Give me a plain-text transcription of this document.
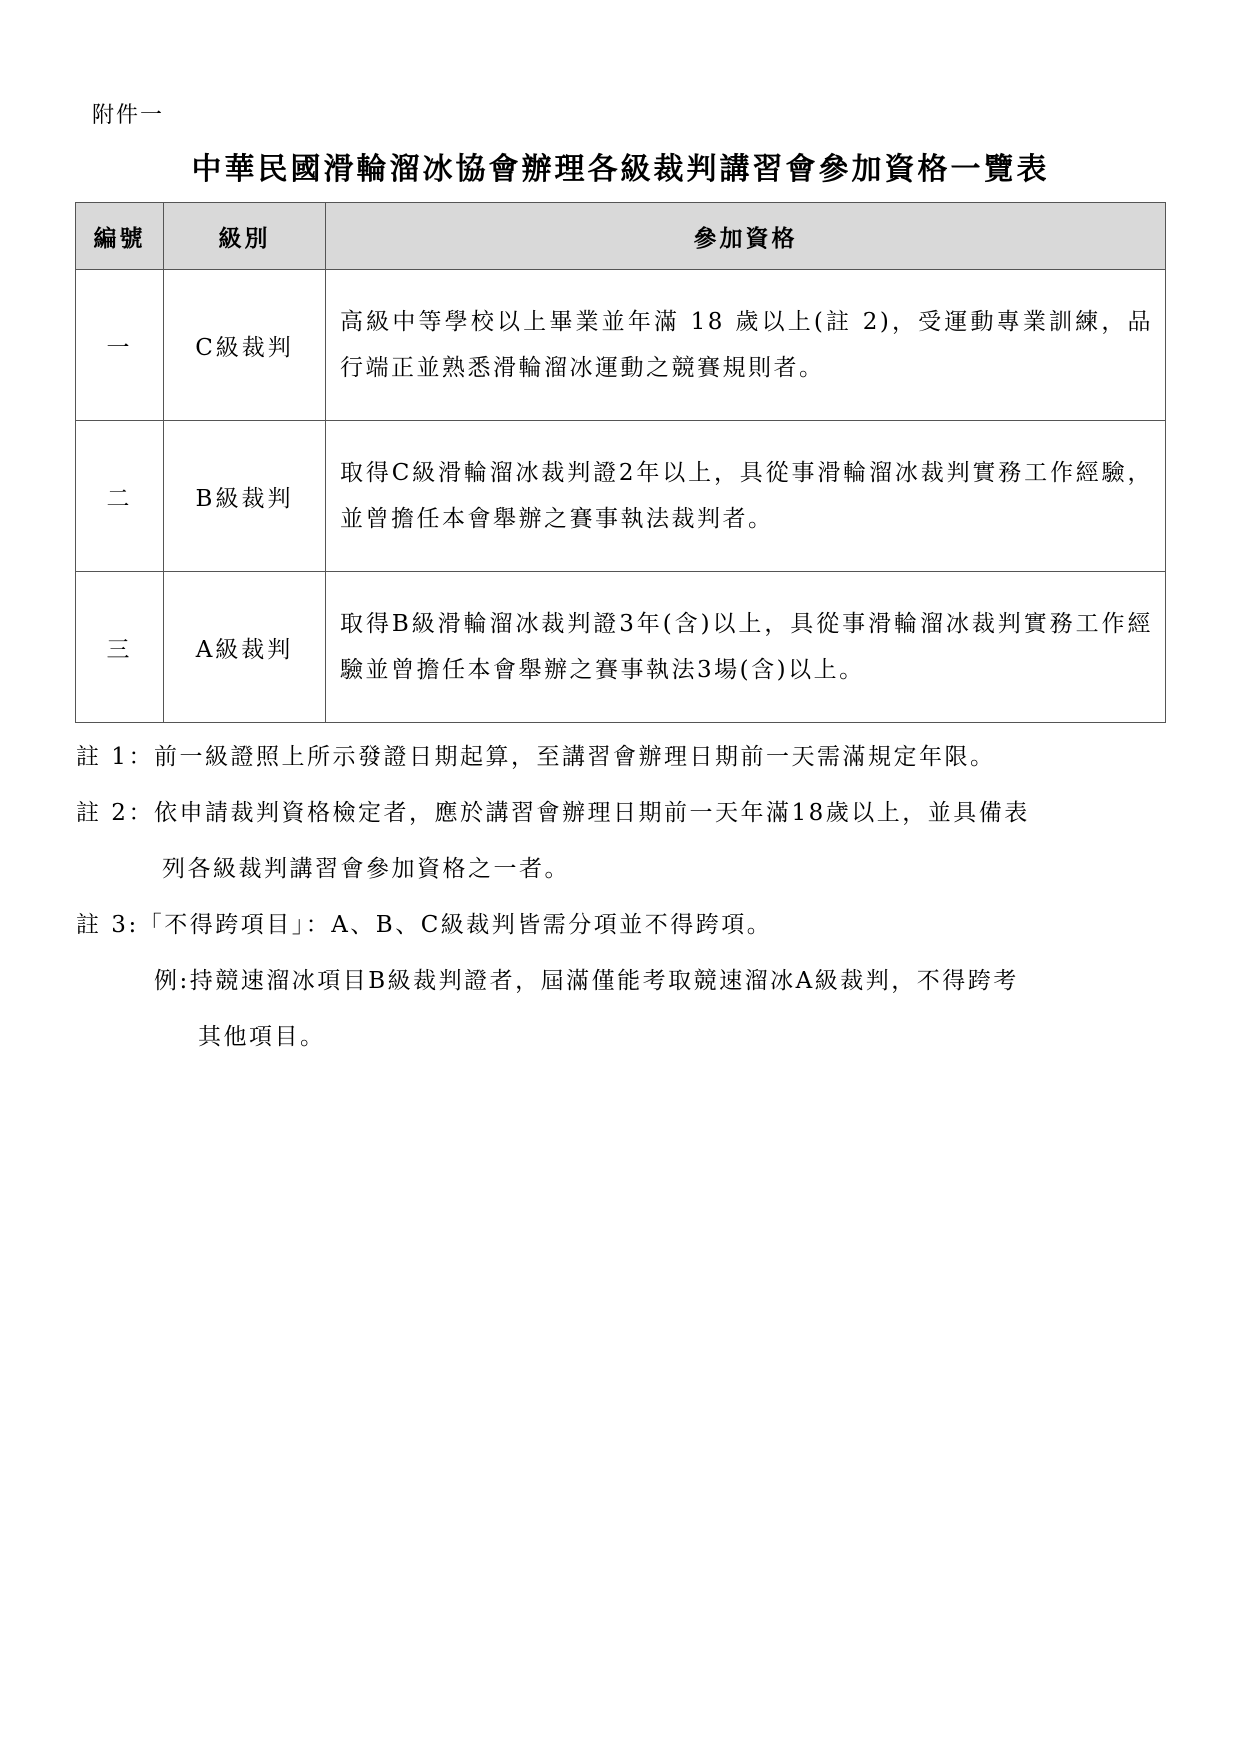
附件一
中華民國滑輪溜冰協會辦理各級裁判講習會參加資格一覽表
編號	級別	參加資格
一	C級裁判	高級中等學校以上畢業並年滿 18 歲以上(註 2)，受運動專業訓練，品行端正並熟悉滑輪溜冰運動之競賽規則者。
二	B級裁判	取得C級滑輪溜冰裁判證2年以上，具從事滑輪溜冰裁判實務工作經驗，並曾擔任本會舉辦之賽事執法裁判者。
三	A級裁判	取得B級滑輪溜冰裁判證3年(含)以上，具從事滑輪溜冰裁判實務工作經驗並曾擔任本會舉辦之賽事執法3場(含)以上。
註 1：前一級證照上所示發證日期起算，至講習會辦理日期前一天需滿規定年限。
註 2：依申請裁判資格檢定者，應於講習會辦理日期前一天年滿18歲以上，並具備表
列各級裁判講習會參加資格之一者。
註 3:「不得跨項目」：A、B、C級裁判皆需分項並不得跨項。
例:持競速溜冰項目B級裁判證者，屆滿僅能考取競速溜冰A級裁判，不得跨考
其他項目。
